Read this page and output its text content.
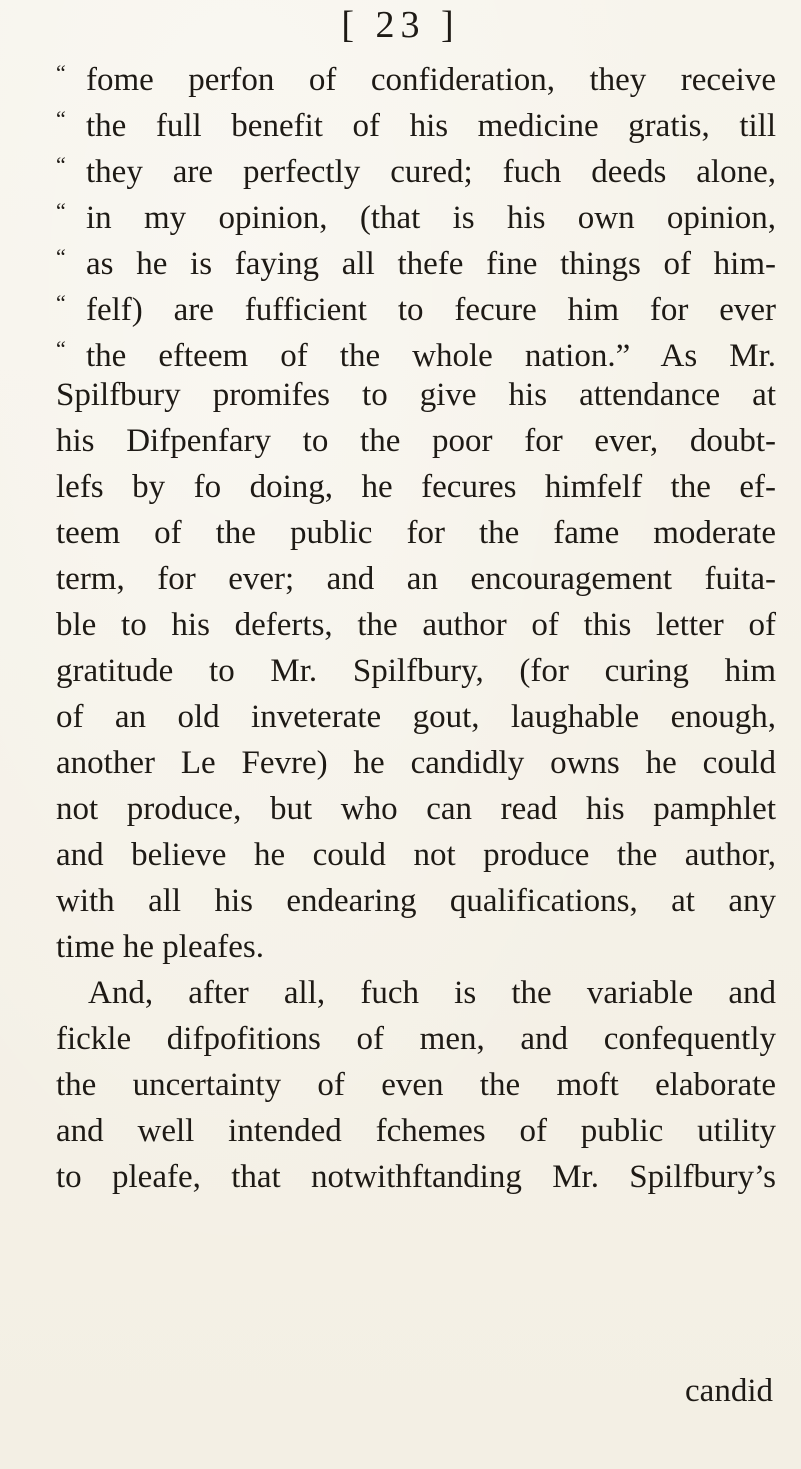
[ 23 ]
“ fome perfon of confideration, they receive
“ the full benefit of his medicine gratis, till
“ they are perfectly cured; fuch deeds alone,
“ in my opinion, (that is his own opinion,
“ as he is faying all thefe fine things of him-
“ felf) are fufficient to fecure him for ever
“ the efteem of the whole nation.” As Mr.
Spilfbury promifes to give his attendance at
his Difpenfary to the poor for ever, doubt-
lefs by fo doing, he fecures himfelf the ef-
teem of the public for the fame moderate
term, for ever; and an encouragement fuita-
ble to his deferts, the author of this letter of
gratitude to Mr. Spilfbury, (for curing him
of an old inveterate gout, laughable enough,
another Le Fevre) he candidly owns he could
not produce, but who can read his pamphlet
and believe he could not produce the author,
with all his endearing qualifications, at any
time he pleafes.
And, after all, fuch is the variable and
fickle difpofitions of men, and confequently
the uncertainty of even the moft elaborate
and well intended fchemes of public utility
to pleafe, that notwithftanding Mr. Spilfbury’s
candid
